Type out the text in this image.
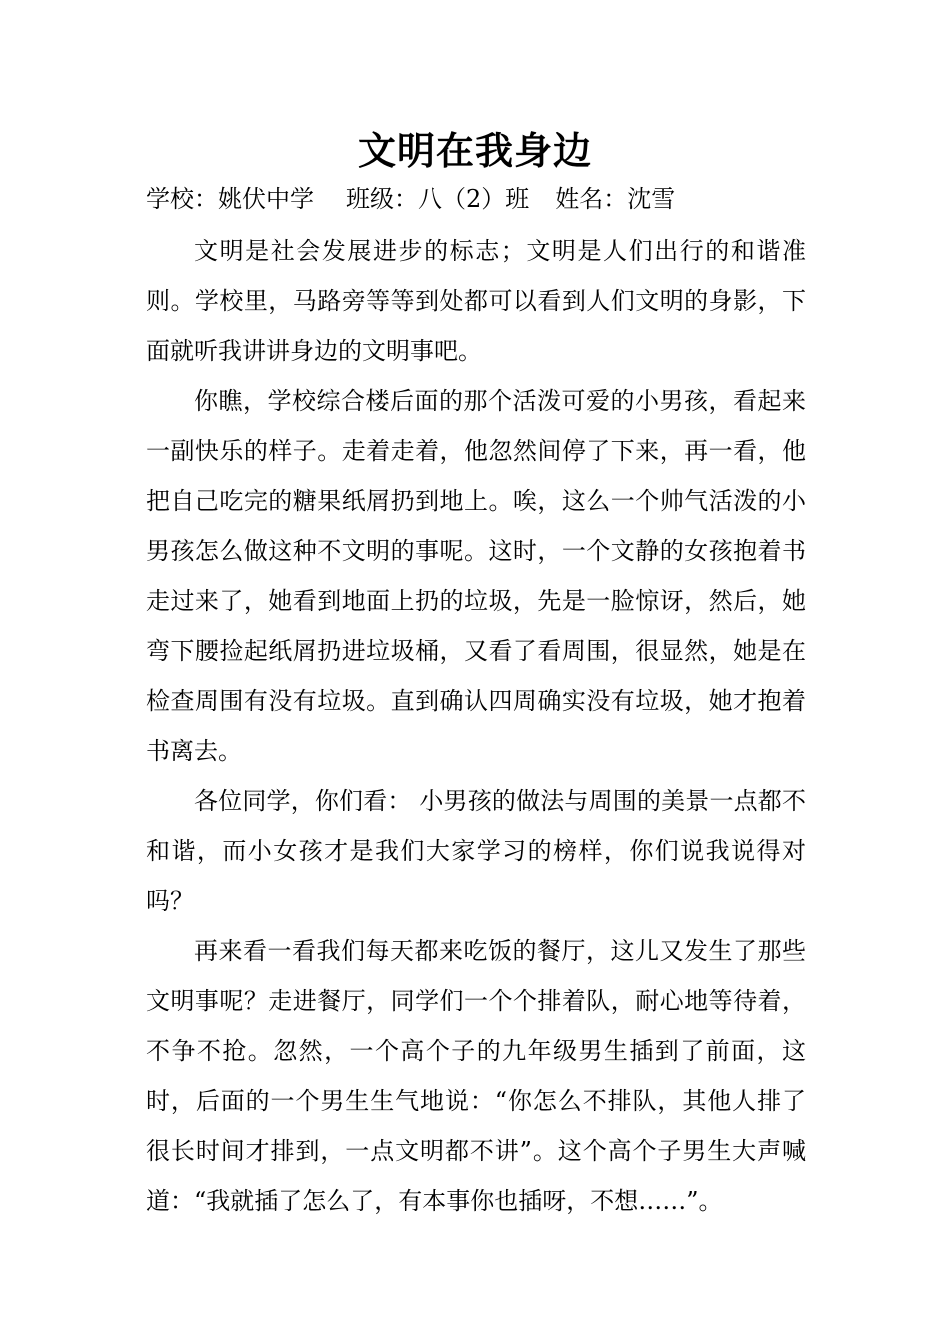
文明在我身边
学校：姚伏中学 班级：八（2）班 姓名：沈雪

文明是社会发展进步的标志；文明是人们出行的和谐准则。学校里，马路旁等等到处都可以看到人们文明的身影，下面就听我讲讲身边的文明事吧。

你瞧，学校综合楼后面的那个活泼可爱的小男孩，看起来一副快乐的样子。走着走着，他忽然间停了下来，再一看，他把自己吃完的糖果纸屑扔到地上。唉，这么一个帅气活泼的小男孩怎么做这种不文明的事呢。这时，一个文静的女孩抱着书走过来了，她看到地面上扔的垃圾，先是一脸惊讶，然后，她弯下腰捡起纸屑扔进垃圾桶，又看了看周围，很显然，她是在检查周围有没有垃圾。直到确认四周确实没有垃圾，她才抱着书离去。

各位同学，你们看： 小男孩的做法与周围的美景一点都不和谐，而小女孩才是我们大家学习的榜样，你们说我说得对吗？

再来看一看我们每天都来吃饭的餐厅，这儿又发生了那些文明事呢？走进餐厅，同学们一个个排着队，耐心地等待着，不争不抢。忽然，一个高个子的九年级男生插到了前面，这时，后面的一个男生生气地说：“你怎么不排队，其他人排了很长时间才排到，一点文明都不讲”。这个高个子男生大声喊道：“我就插了怎么了，有本事你也插呀，不想……”。
